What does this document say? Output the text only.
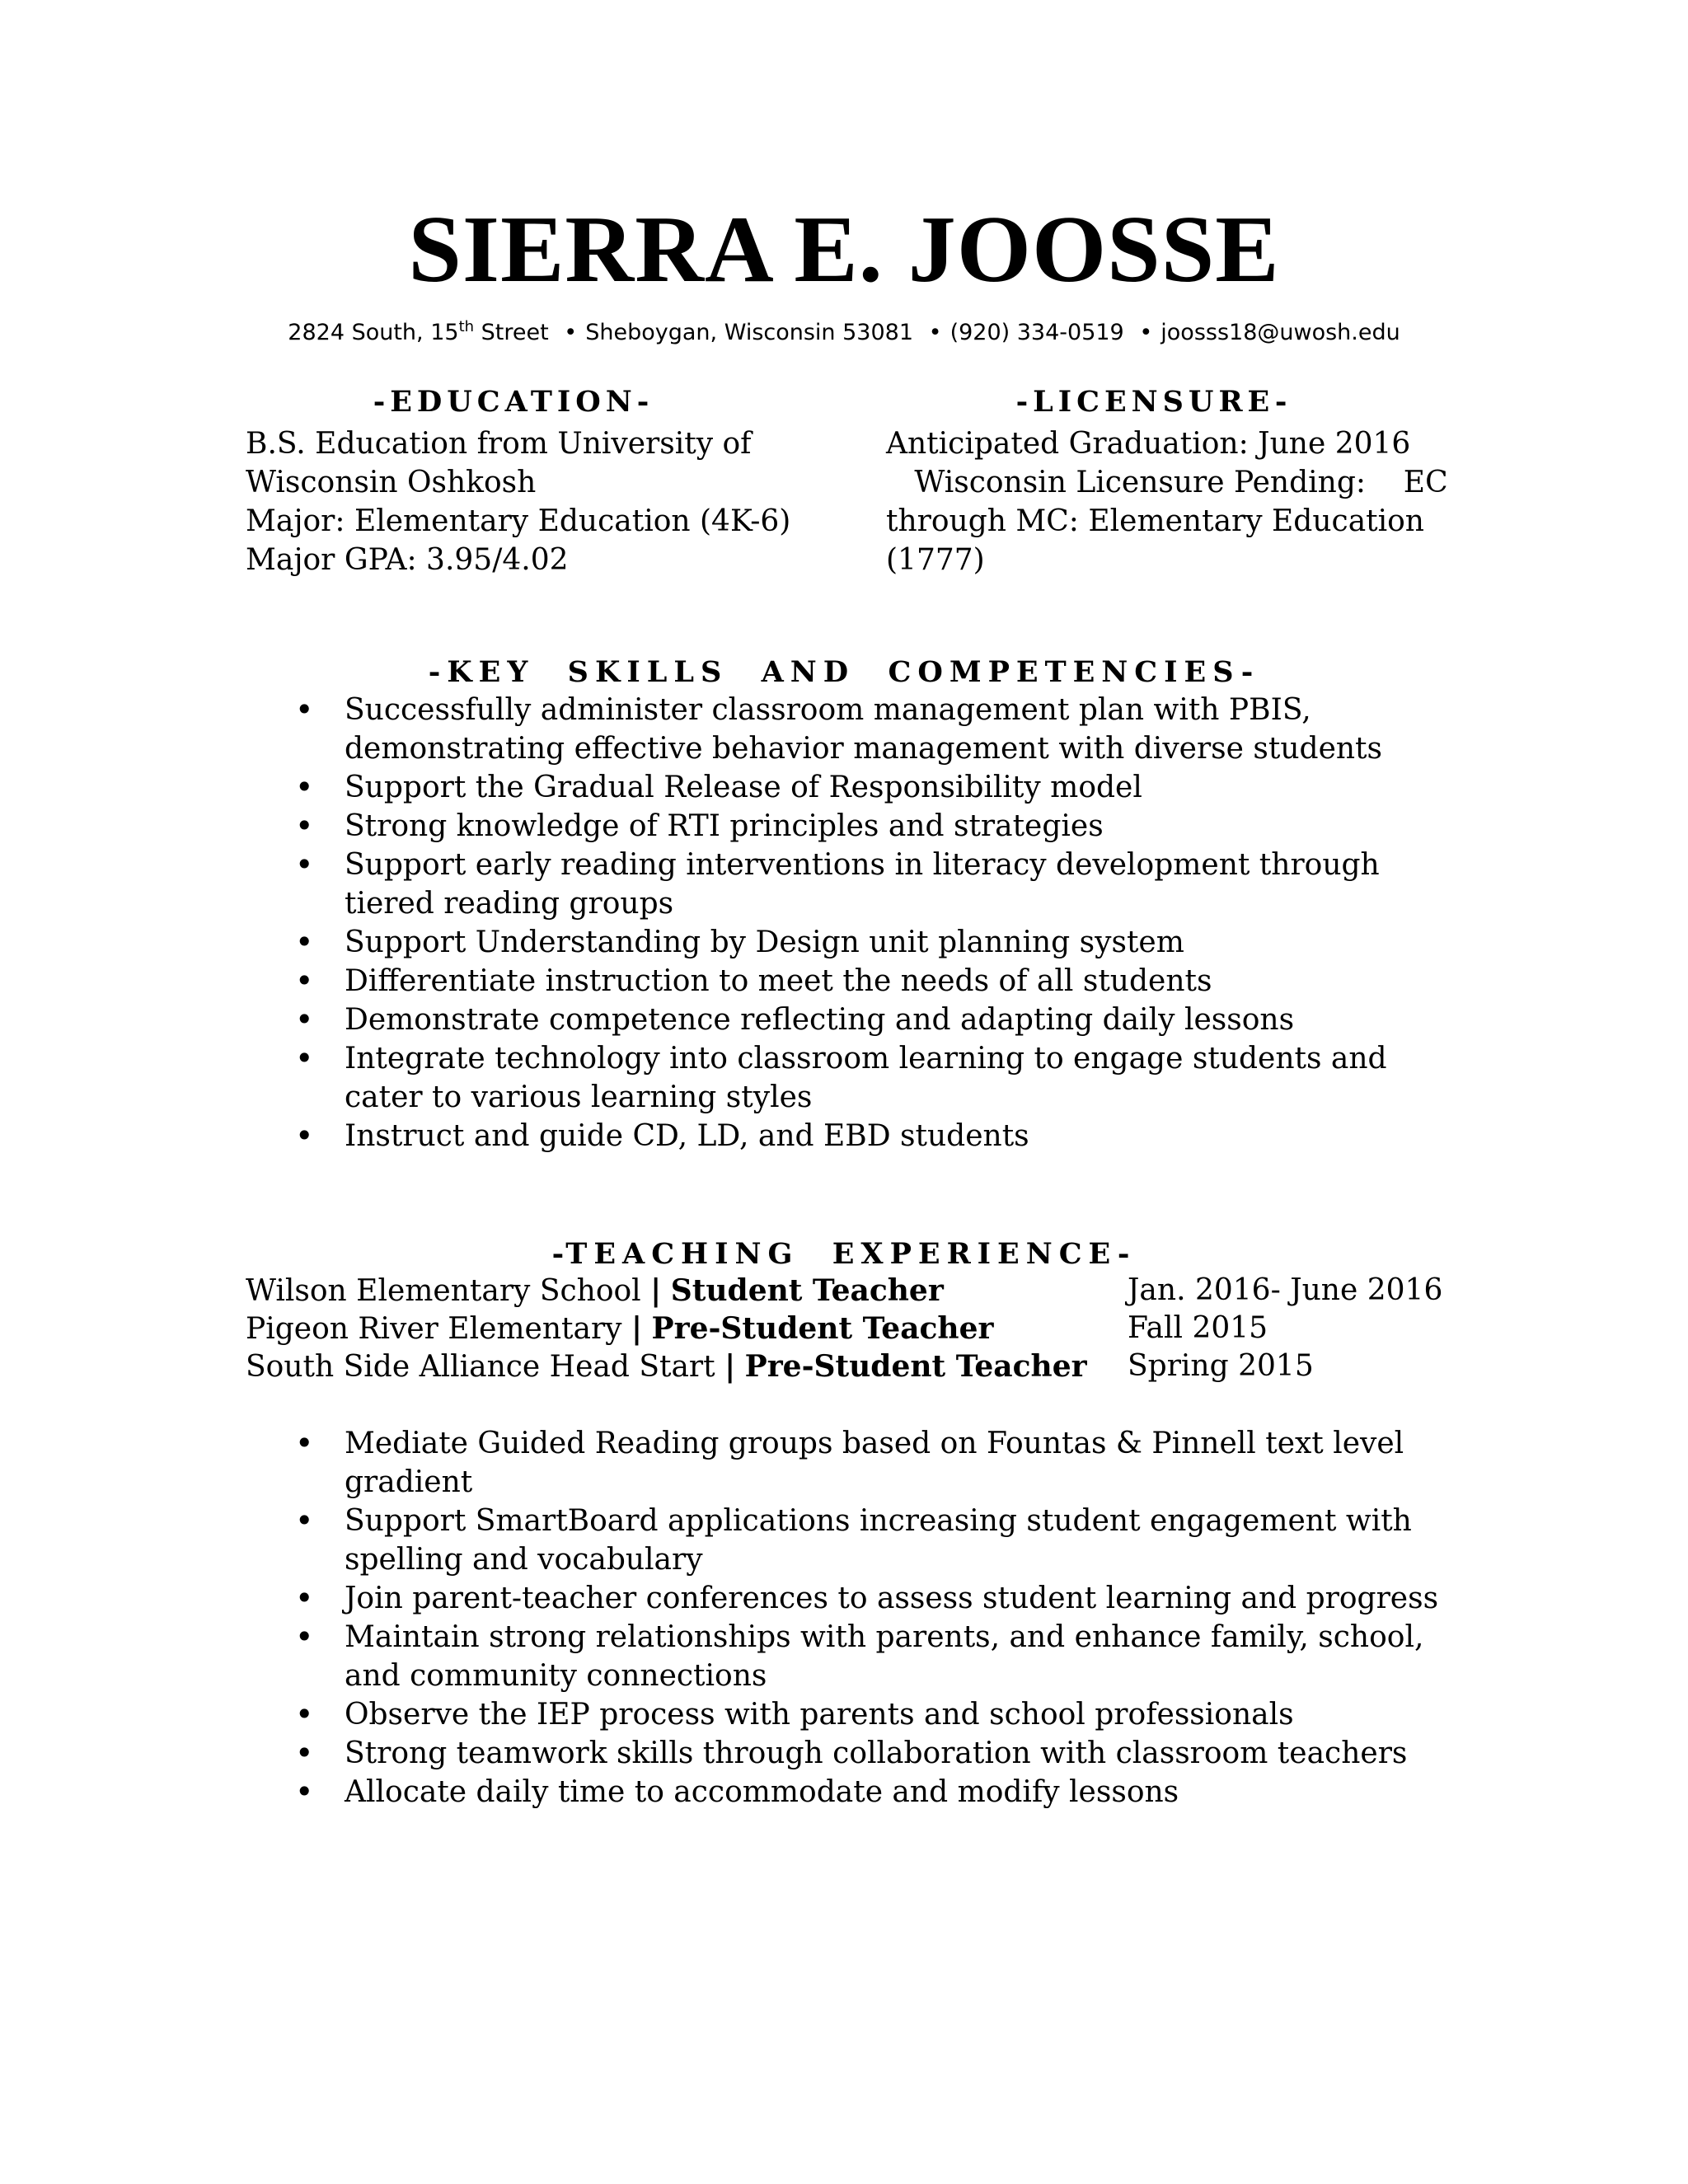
SIERRA E. JOOSSE
2824 South, 15th Street • Sheboygan, Wisconsin 53081 • (920) 334-0519 • joosss18@uwosh.edu
-EDUCATION-
B.S. Education from University of
Wisconsin Oshkosh
Major: Elementary Education (4K-6)
Major GPA: 3.95/4.02
-LICENSURE-
Anticipated Graduation: June 2016
Wisconsin Licensure Pending:    EC
through MC: Elementary Education
(1777)
-KEY  SKILLS  AND  COMPETENCIES-
• Successfully administer classroom management plan with PBIS, demonstrating effective behavior management with diverse students
• Support the Gradual Release of Responsibility model
• Strong knowledge of RTI principles and strategies
• Support early reading interventions in literacy development through tiered reading groups
• Support Understanding by Design unit planning system
• Differentiate instruction to meet the needs of all students
• Demonstrate competence reflecting and adapting daily lessons
• Integrate technology into classroom learning to engage students and cater to various learning styles
• Instruct and guide CD, LD, and EBD students
-TEACHING  EXPERIENCE-
Wilson Elementary School | Student Teacher	Jan. 2016- June 2016
Pigeon River Elementary | Pre-Student Teacher	Fall 2015
South Side Alliance Head Start | Pre-Student Teacher Spring 2015
• Mediate Guided Reading groups based on Fountas & Pinnell text level gradient
• Support SmartBoard applications increasing student engagement with spelling and vocabulary
• Join parent-teacher conferences to assess student learning and progress
• Maintain strong relationships with parents, and enhance family, school, and community connections
• Observe the IEP process with parents and school professionals
• Strong teamwork skills through collaboration with classroom teachers
• Allocate daily time to accommodate and modify lessons
